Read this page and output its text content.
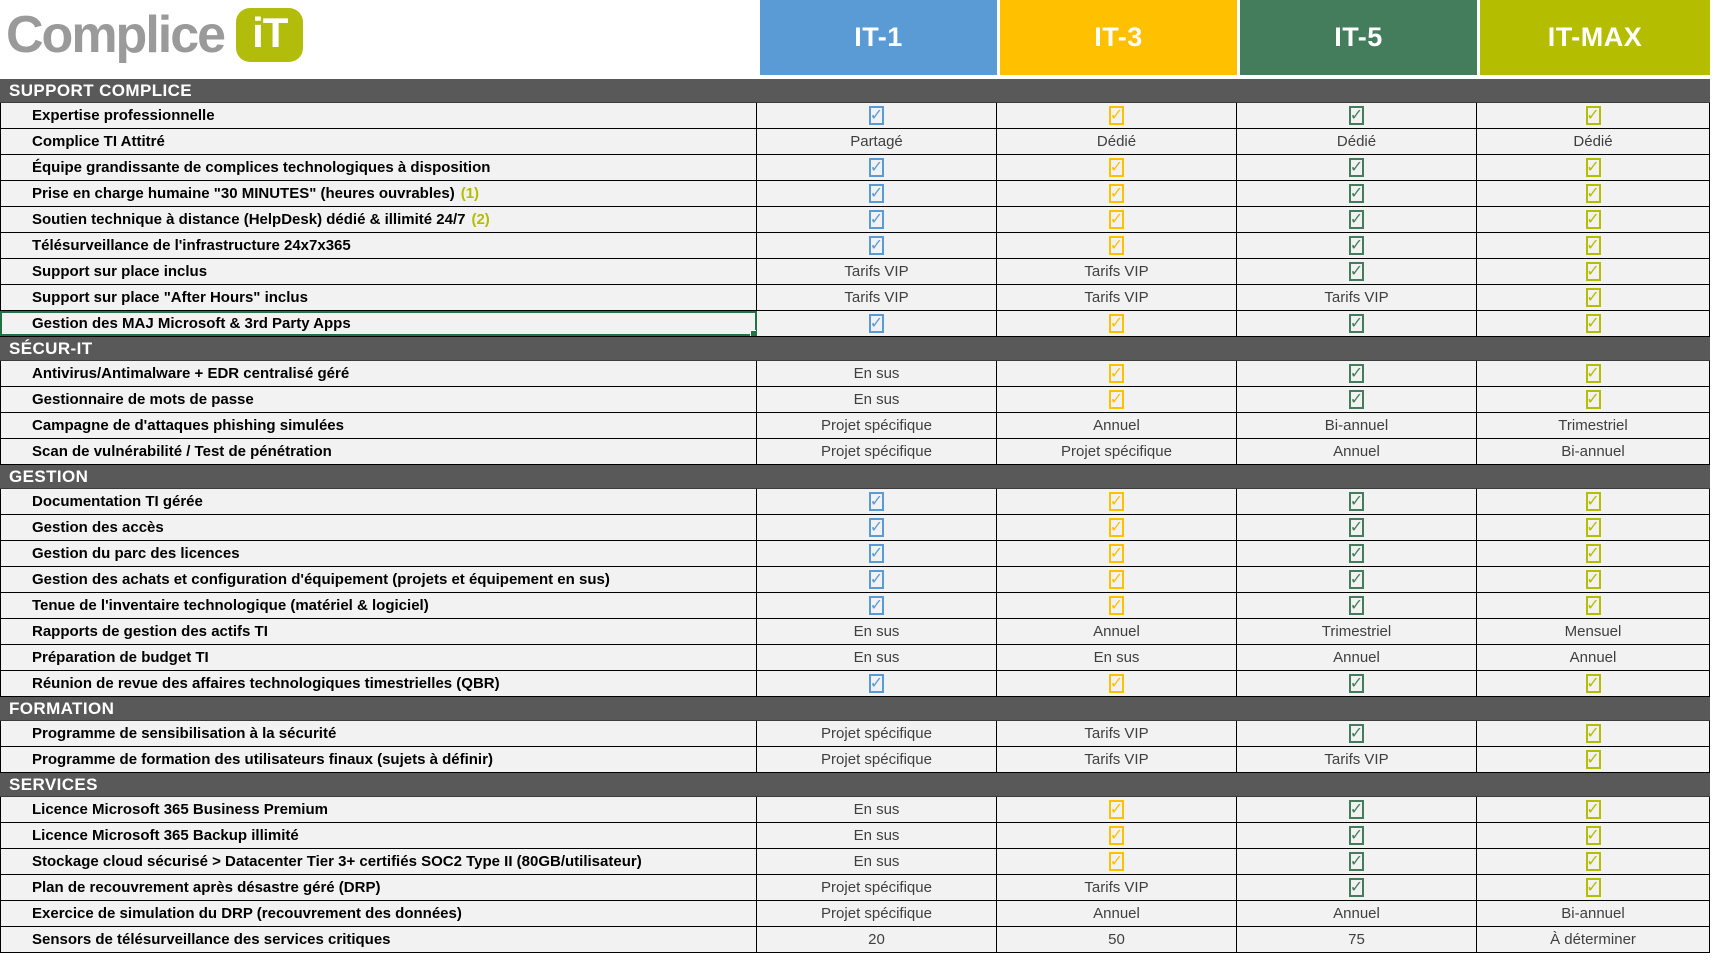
Complice iT	IT-1	IT-3	IT-5	IT-MAX
SUPPORT COMPLICE
Expertise professionnelle	✓	✓	✓	✓
Complice TI Attitré	Partagé	Dédié	Dédié	Dédié
Équipe grandissante de complices technologiques à disposition	✓	✓	✓	✓
Prise en charge humaine "30 MINUTES" (heures ouvrables) (1)	✓	✓	✓	✓
Soutien technique à distance (HelpDesk) dédié & illimité 24/7 (2)	✓	✓	✓	✓
Télésurveillance de l'infrastructure 24x7x365	✓	✓	✓	✓
Support sur place inclus	Tarifs VIP	Tarifs VIP	✓	✓
Support sur place "After Hours" inclus	Tarifs VIP	Tarifs VIP	Tarifs VIP	✓
Gestion des MAJ Microsoft & 3rd Party Apps	✓	✓	✓	✓
SÉCUR-IT
Antivirus/Antimalware + EDR centralisé géré	En sus	✓	✓	✓
Gestionnaire de mots de passe	En sus	✓	✓	✓
Campagne de d'attaques phishing simulées	Projet spécifique	Annuel	Bi-annuel	Trimestriel
Scan de vulnérabilité / Test de pénétration	Projet spécifique	Projet spécifique	Annuel	Bi-annuel
GESTION
Documentation TI gérée	✓	✓	✓	✓
Gestion des accès	✓	✓	✓	✓
Gestion du parc des licences	✓	✓	✓	✓
Gestion des achats et configuration d'équipement (projets et équipement en sus)	✓	✓	✓	✓
Tenue de l'inventaire technologique (matériel & logiciel)	✓	✓	✓	✓
Rapports de gestion des actifs TI	En sus	Annuel	Trimestriel	Mensuel
Préparation de budget TI	En sus	En sus	Annuel	Annuel
Réunion de revue des affaires technologiques timestrielles (QBR)	✓	✓	✓	✓
FORMATION
Programme de sensibilisation à la sécurité	Projet spécifique	Tarifs VIP	✓	✓
Programme de formation des utilisateurs finaux (sujets à définir)	Projet spécifique	Tarifs VIP	Tarifs VIP	✓
SERVICES
Licence Microsoft 365 Business Premium	En sus	✓	✓	✓
Licence Microsoft 365 Backup illimité	En sus	✓	✓	✓
Stockage cloud sécurisé > Datacenter Tier 3+ certifiés SOC2 Type II (80GB/utilisateur)	En sus	✓	✓	✓
Plan de recouvrement après désastre géré (DRP)	Projet spécifique	Tarifs VIP	✓	✓
Exercice de simulation du DRP (recouvrement des données)	Projet spécifique	Annuel	Annuel	Bi-annuel
Sensors de télésurveillance des services critiques	20	50	75	À déterminer
